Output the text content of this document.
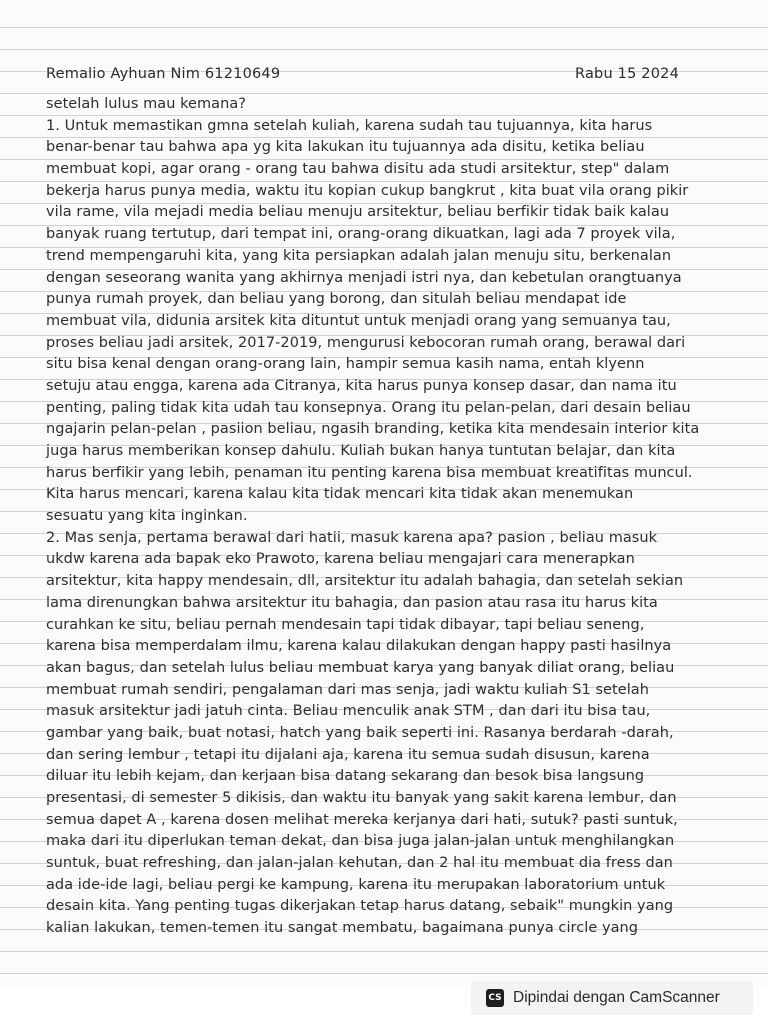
Remalio Ayhuan Nim 61210649	Rabu 15 2024
setelah lulus mau kemana?
1. Untuk memastikan gmna setelah kuliah, karena sudah tau tujuannya, kita harus
benar-benar tau bahwa apa yg kita lakukan itu tujuannya ada disitu, ketika beliau
membuat kopi, agar orang - orang tau bahwa disitu ada studi arsitektur, step" dalam
bekerja harus punya media, waktu itu kopian cukup bangkrut , kita buat vila orang pikir
vila rame, vila mejadi media beliau menuju arsitektur, beliau berfikir tidak baik kalau
banyak ruang tertutup, dari tempat ini, orang-orang dikuatkan, lagi ada 7 proyek vila,
trend mempengaruhi kita, yang kita persiapkan adalah jalan menuju situ, berkenalan
dengan seseorang wanita yang akhirnya menjadi istri nya, dan kebetulan orangtuanya
punya rumah proyek, dan beliau yang borong, dan situlah beliau mendapat ide
membuat vila, didunia arsitek kita dituntut untuk menjadi orang yang semuanya tau,
proses beliau jadi arsitek, 2017-2019, mengurusi kebocoran rumah orang, berawal dari
situ bisa kenal dengan orang-orang lain, hampir semua kasih nama, entah klyenn
setuju atau engga, karena ada Citranya, kita harus punya konsep dasar, dan nama itu
penting, paling tidak kita udah tau konsepnya. Orang itu pelan-pelan, dari desain beliau
ngajarin pelan-pelan , pasiion beliau, ngasih branding, ketika kita mendesain interior kita
juga harus memberikan konsep dahulu. Kuliah bukan hanya tuntutan belajar, dan kita
harus berfikir yang lebih, penaman itu penting karena bisa membuat kreatifitas muncul.
Kita harus mencari, karena kalau kita tidak mencari kita tidak akan menemukan
sesuatu yang kita inginkan.
2. Mas senja, pertama berawal dari hatii, masuk karena apa? pasion , beliau masuk
ukdw karena ada bapak eko Prawoto, karena beliau mengajari cara menerapkan
arsitektur, kita happy mendesain, dll, arsitektur itu adalah bahagia, dan setelah sekian
lama direnungkan bahwa arsitektur itu bahagia, dan pasion atau rasa itu harus kita
curahkan ke situ, beliau pernah mendesain tapi tidak dibayar, tapi beliau seneng,
karena bisa memperdalam ilmu, karena kalau dilakukan dengan happy pasti hasilnya
akan bagus, dan setelah lulus beliau membuat karya yang banyak diliat orang, beliau
membuat rumah sendiri, pengalaman dari mas senja, jadi waktu kuliah S1 setelah
masuk arsitektur jadi jatuh cinta. Beliau menculik anak STM , dan dari itu bisa tau,
gambar yang baik, buat notasi, hatch yang baik seperti ini. Rasanya berdarah -darah,
dan sering lembur , tetapi itu dijalani aja, karena itu semua sudah disusun, karena
diluar itu lebih kejam, dan kerjaan bisa datang sekarang dan besok bisa langsung
presentasi, di semester 5 dikisis, dan waktu itu banyak yang sakit karena lembur, dan
semua dapet A , karena dosen melihat mereka kerjanya dari hati, sutuk? pasti suntuk,
maka dari itu diperlukan teman dekat, dan bisa juga jalan-jalan untuk menghilangkan
suntuk, buat refreshing, dan jalan-jalan kehutan, dan 2 hal itu membuat dia fress dan
ada ide-ide lagi, beliau pergi ke kampung, karena itu merupakan laboratorium untuk
desain kita. Yang penting tugas dikerjakan tetap harus datang, sebaik" mungkin yang
kalian lakukan, temen-temen itu sangat membatu, bagaimana punya circle yang
CS Dipindai dengan CamScanner
